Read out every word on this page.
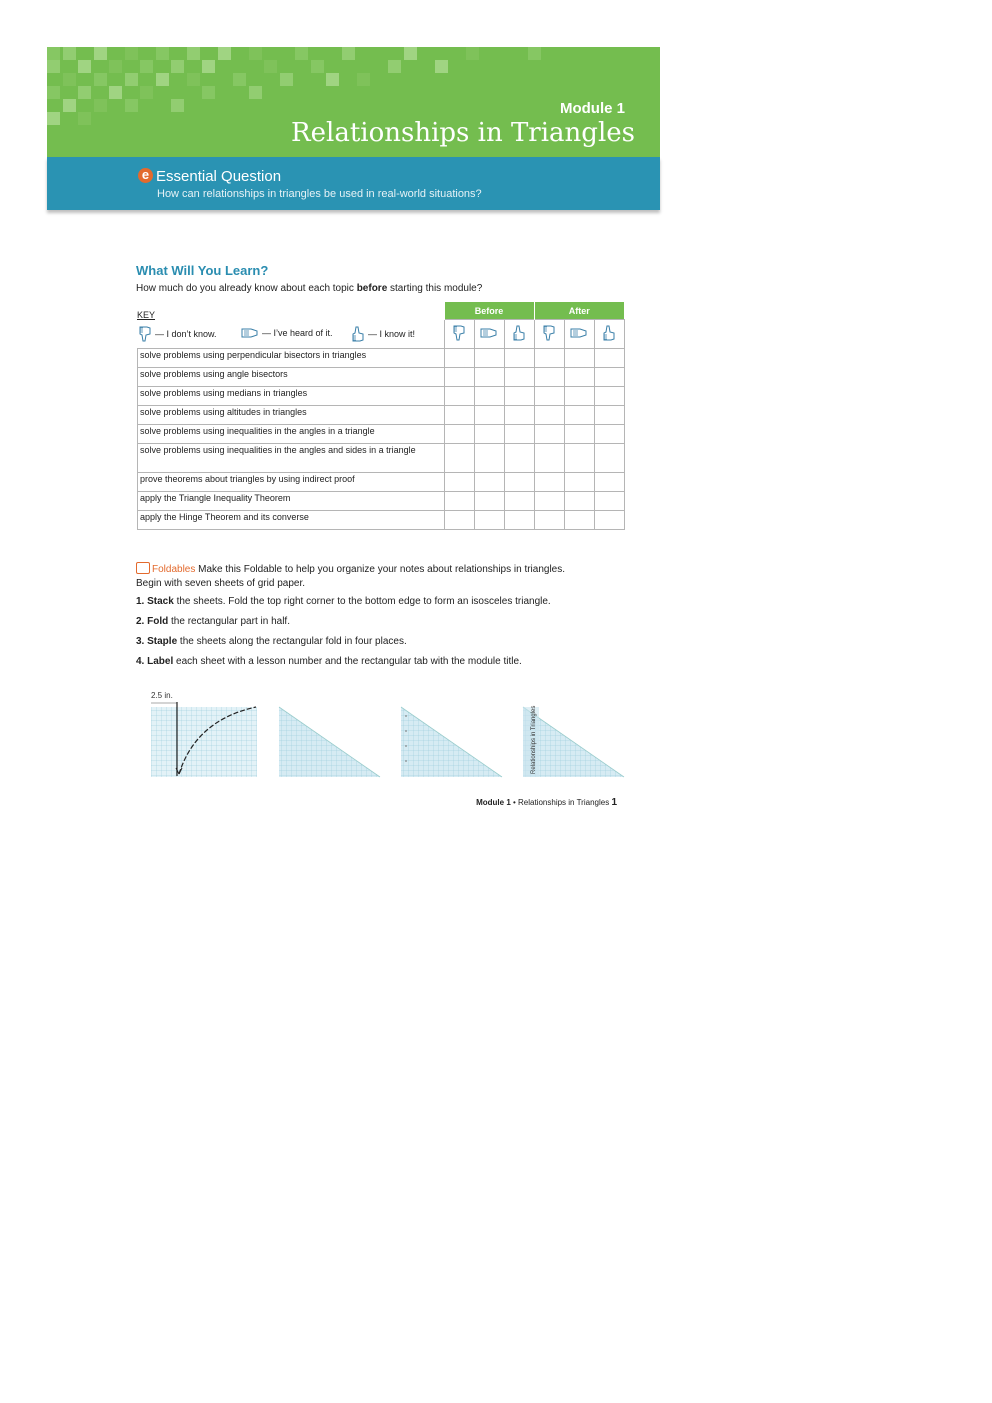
Module 1
Relationships in Triangles
e Essential Question
How can relationships in triangles be used in real-world situations?
What Will You Learn?
How much do you already know about each topic before starting this module?
KEY
— I don’t know.	— I’ve heard of it.	— I know it!
	Before			After		

solve problems using perpendicular bisectors in triangles						
solve problems using angle bisectors						
solve problems using medians in triangles						
solve problems using altitudes in triangles						
solve problems using inequalities in the angles in a triangle						
solve problems using inequalities in the angles and sides in a triangle						
prove theorems about triangles by using indirect proof						
apply the Triangle Inequality Theorem						
apply the Hinge Theorem and its converse						
Foldables Make this Foldable to help you organize your notes about relationships in triangles. Begin with seven sheets of grid paper.
1. Stack the sheets. Fold the top right corner to the bottom edge to form an isosceles triangle.
2. Fold the rectangular part in half.
3. Staple the sheets along the rectangular fold in four places.
4. Label each sheet with a lesson number and the rectangular tab with the module title.
2.5 in.
Relationships in Triangles
Module 1 • Relationships in Triangles 1
